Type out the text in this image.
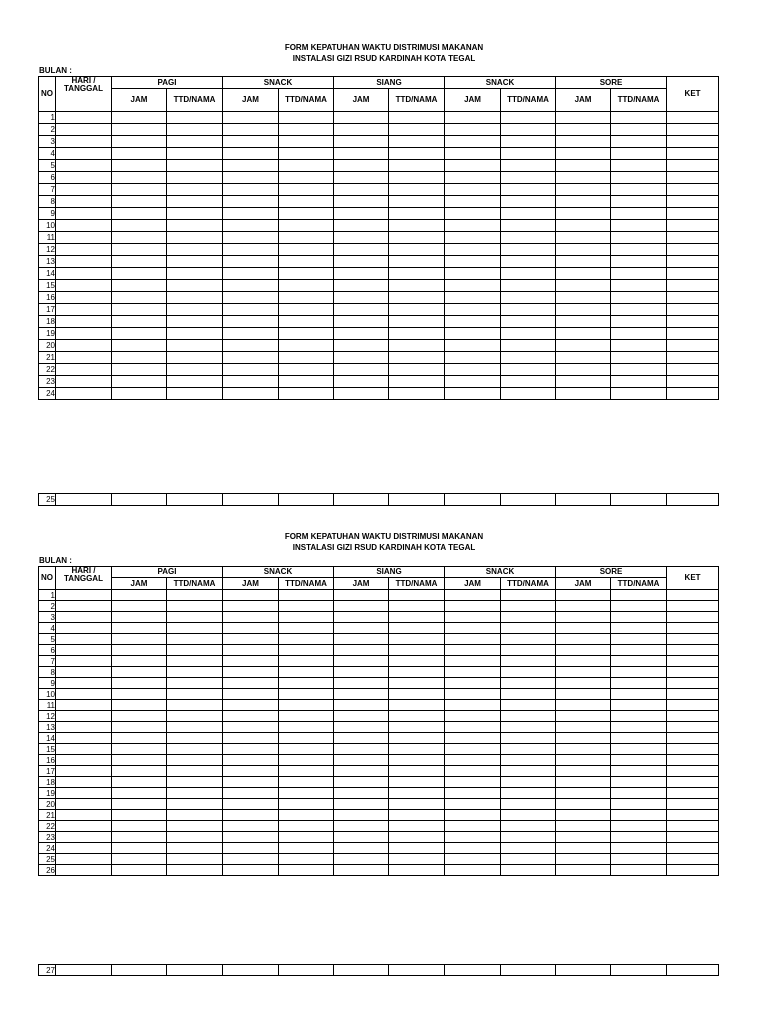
FORM KEPATUHAN WAKTU DISTRIMUSI MAKANAN
INSTALASI GIZI RSUD KARDINAH KOTA TEGAL
BULAN :
NO	HARI / TANGGAL	PAGI		SNACK		SIANG		SNACK		SORE		KET
		JAM	TTD/NAMA	JAM	TTD/NAMA	JAM	TTD/NAMA	JAM	TTD/NAMA	JAM	TTD/NAMA	
1												
2												
3												
4												
5												
6												
7												
8												
9												
10												
11												
12												
13												
14												
15												
16												
17												
18												
19												
20												
21												
22												
23												
24												

25												
FORM KEPATUHAN WAKTU DISTRIMUSI MAKANAN
INSTALASI GIZI RSUD KARDINAH KOTA TEGAL
BULAN :
NO	HARI / TANGGAL	PAGI		SNACK		SIANG		SNACK		SORE		KET
		JAM	TTD/NAMA	JAM	TTD/NAMA	JAM	TTD/NAMA	JAM	TTD/NAMA	JAM	TTD/NAMA	
1												
2												
3												
4												
5												
6												
7												
8												
9												
10												
11												
12												
13												
14												
15												
16												
17												
18												
19												
20												
21												
22												
23												
24												
25												
26												

27												
